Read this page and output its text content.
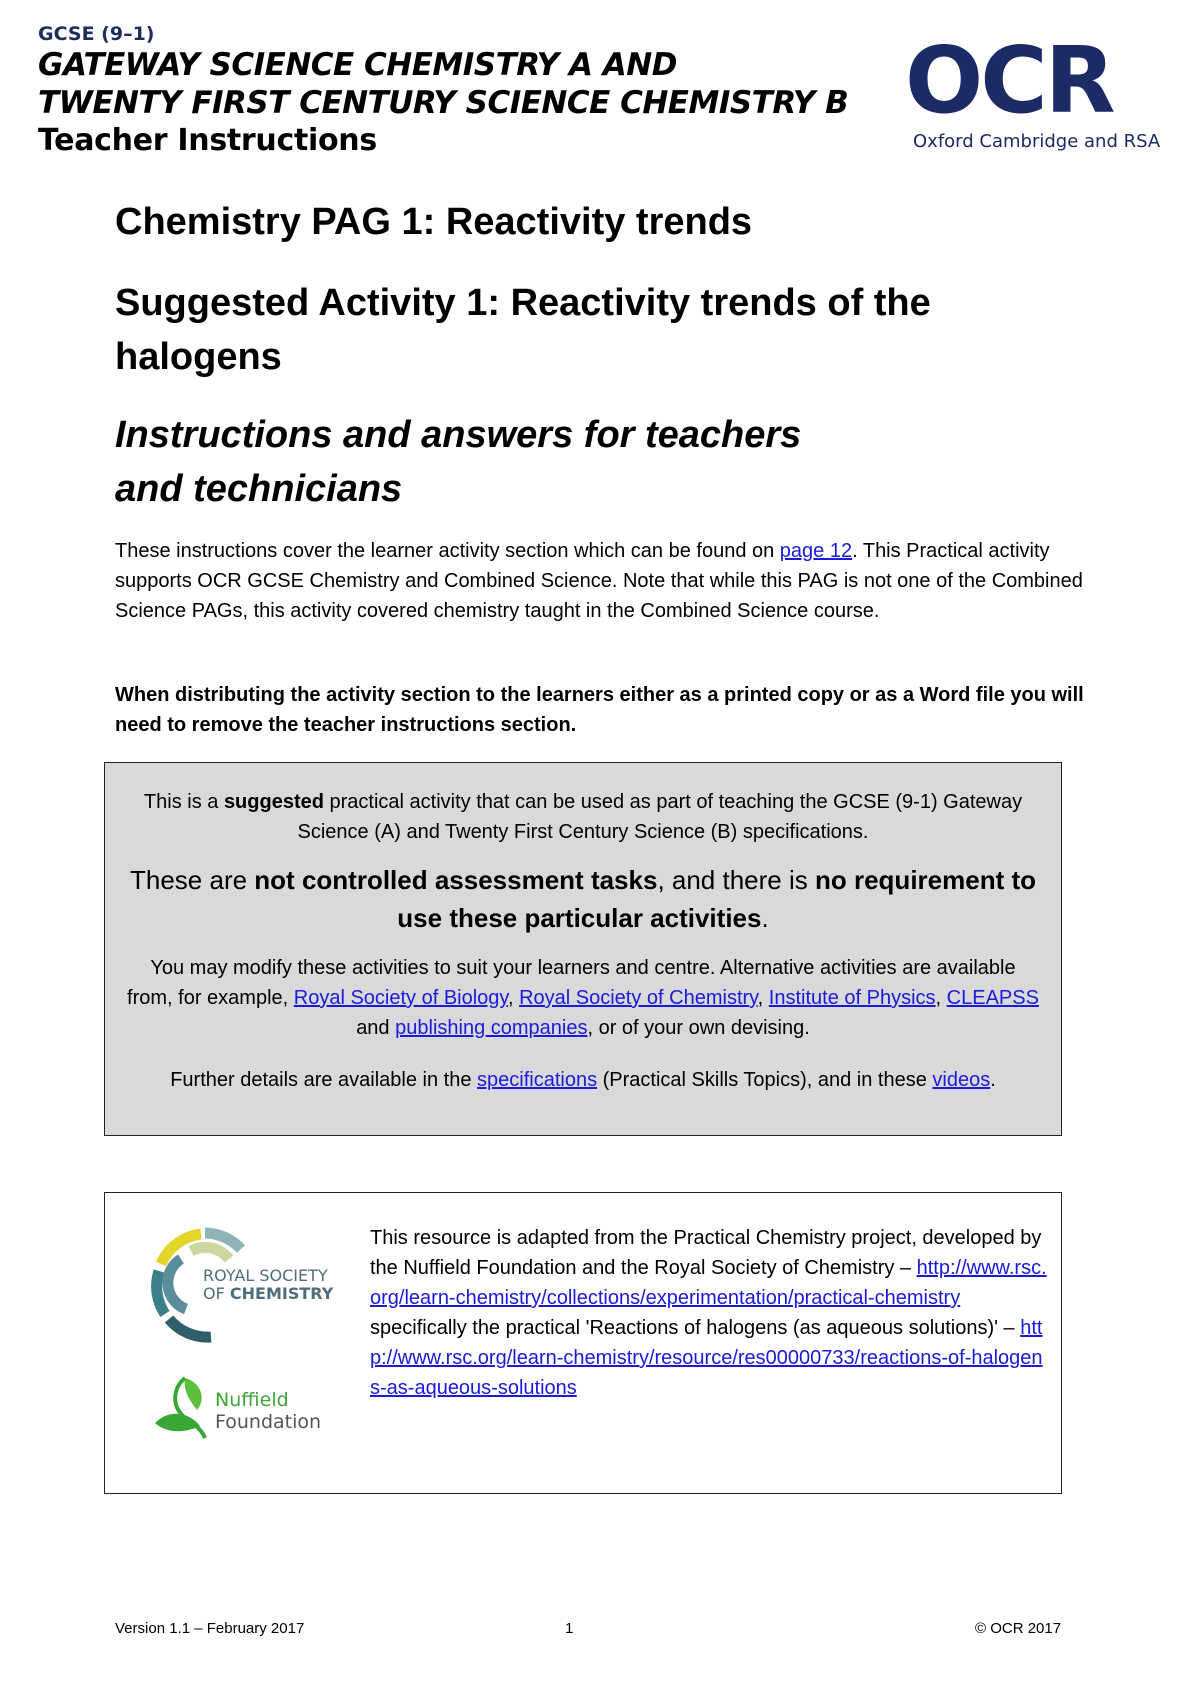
GCSE (9–1)
GATEWAY SCIENCE CHEMISTRY A AND
TWENTY FIRST CENTURY SCIENCE CHEMISTRY B
Teacher Instructions
OCR
Oxford Cambridge and RSA
Chemistry PAG 1: Reactivity trends
Suggested Activity 1: Reactivity trends of the halogens
Instructions and answers for teachers
and technicians
These instructions cover the learner activity section which can be found on page 12. This Practical activity supports OCR GCSE Chemistry and Combined Science. Note that while this PAG is not one of the Combined Science PAGs, this activity covered chemistry taught in the Combined Science course.
When distributing the activity section to the learners either as a printed copy or as a Word file you will need to remove the teacher instructions section.

This is a suggested practical activity that can be used as part of teaching the GCSE (9-1) Gateway Science (A) and Twenty First Century Science (B) specifications.

These are not controlled assessment tasks, and there is no requirement to use these particular activities.

You may modify these activities to suit your learners and centre. Alternative activities are available from, for example, Royal Society of Biology, Royal Society of Chemistry, Institute of Physics, CLEAPSS and publishing companies, or of your own devising.

Further details are available in the specifications (Practical Skills Topics), and in these videos.

ROYAL SOCIETY
OF CHEMISTRY
Nuffield
Foundation
This resource is adapted from the Practical Chemistry project, developed by the Nuffield Foundation and the Royal Society of Chemistry – http://www.rsc.org/learn-chemistry/collections/experimentation/practical-chemistry specifically the practical 'Reactions of halogens (as aqueous solutions)' – http://www.rsc.org/learn-chemistry/resource/res00000733/reactions-of-halogens-as-aqueous-solutions
Version 1.1 – February 2017	1	© OCR 2017
